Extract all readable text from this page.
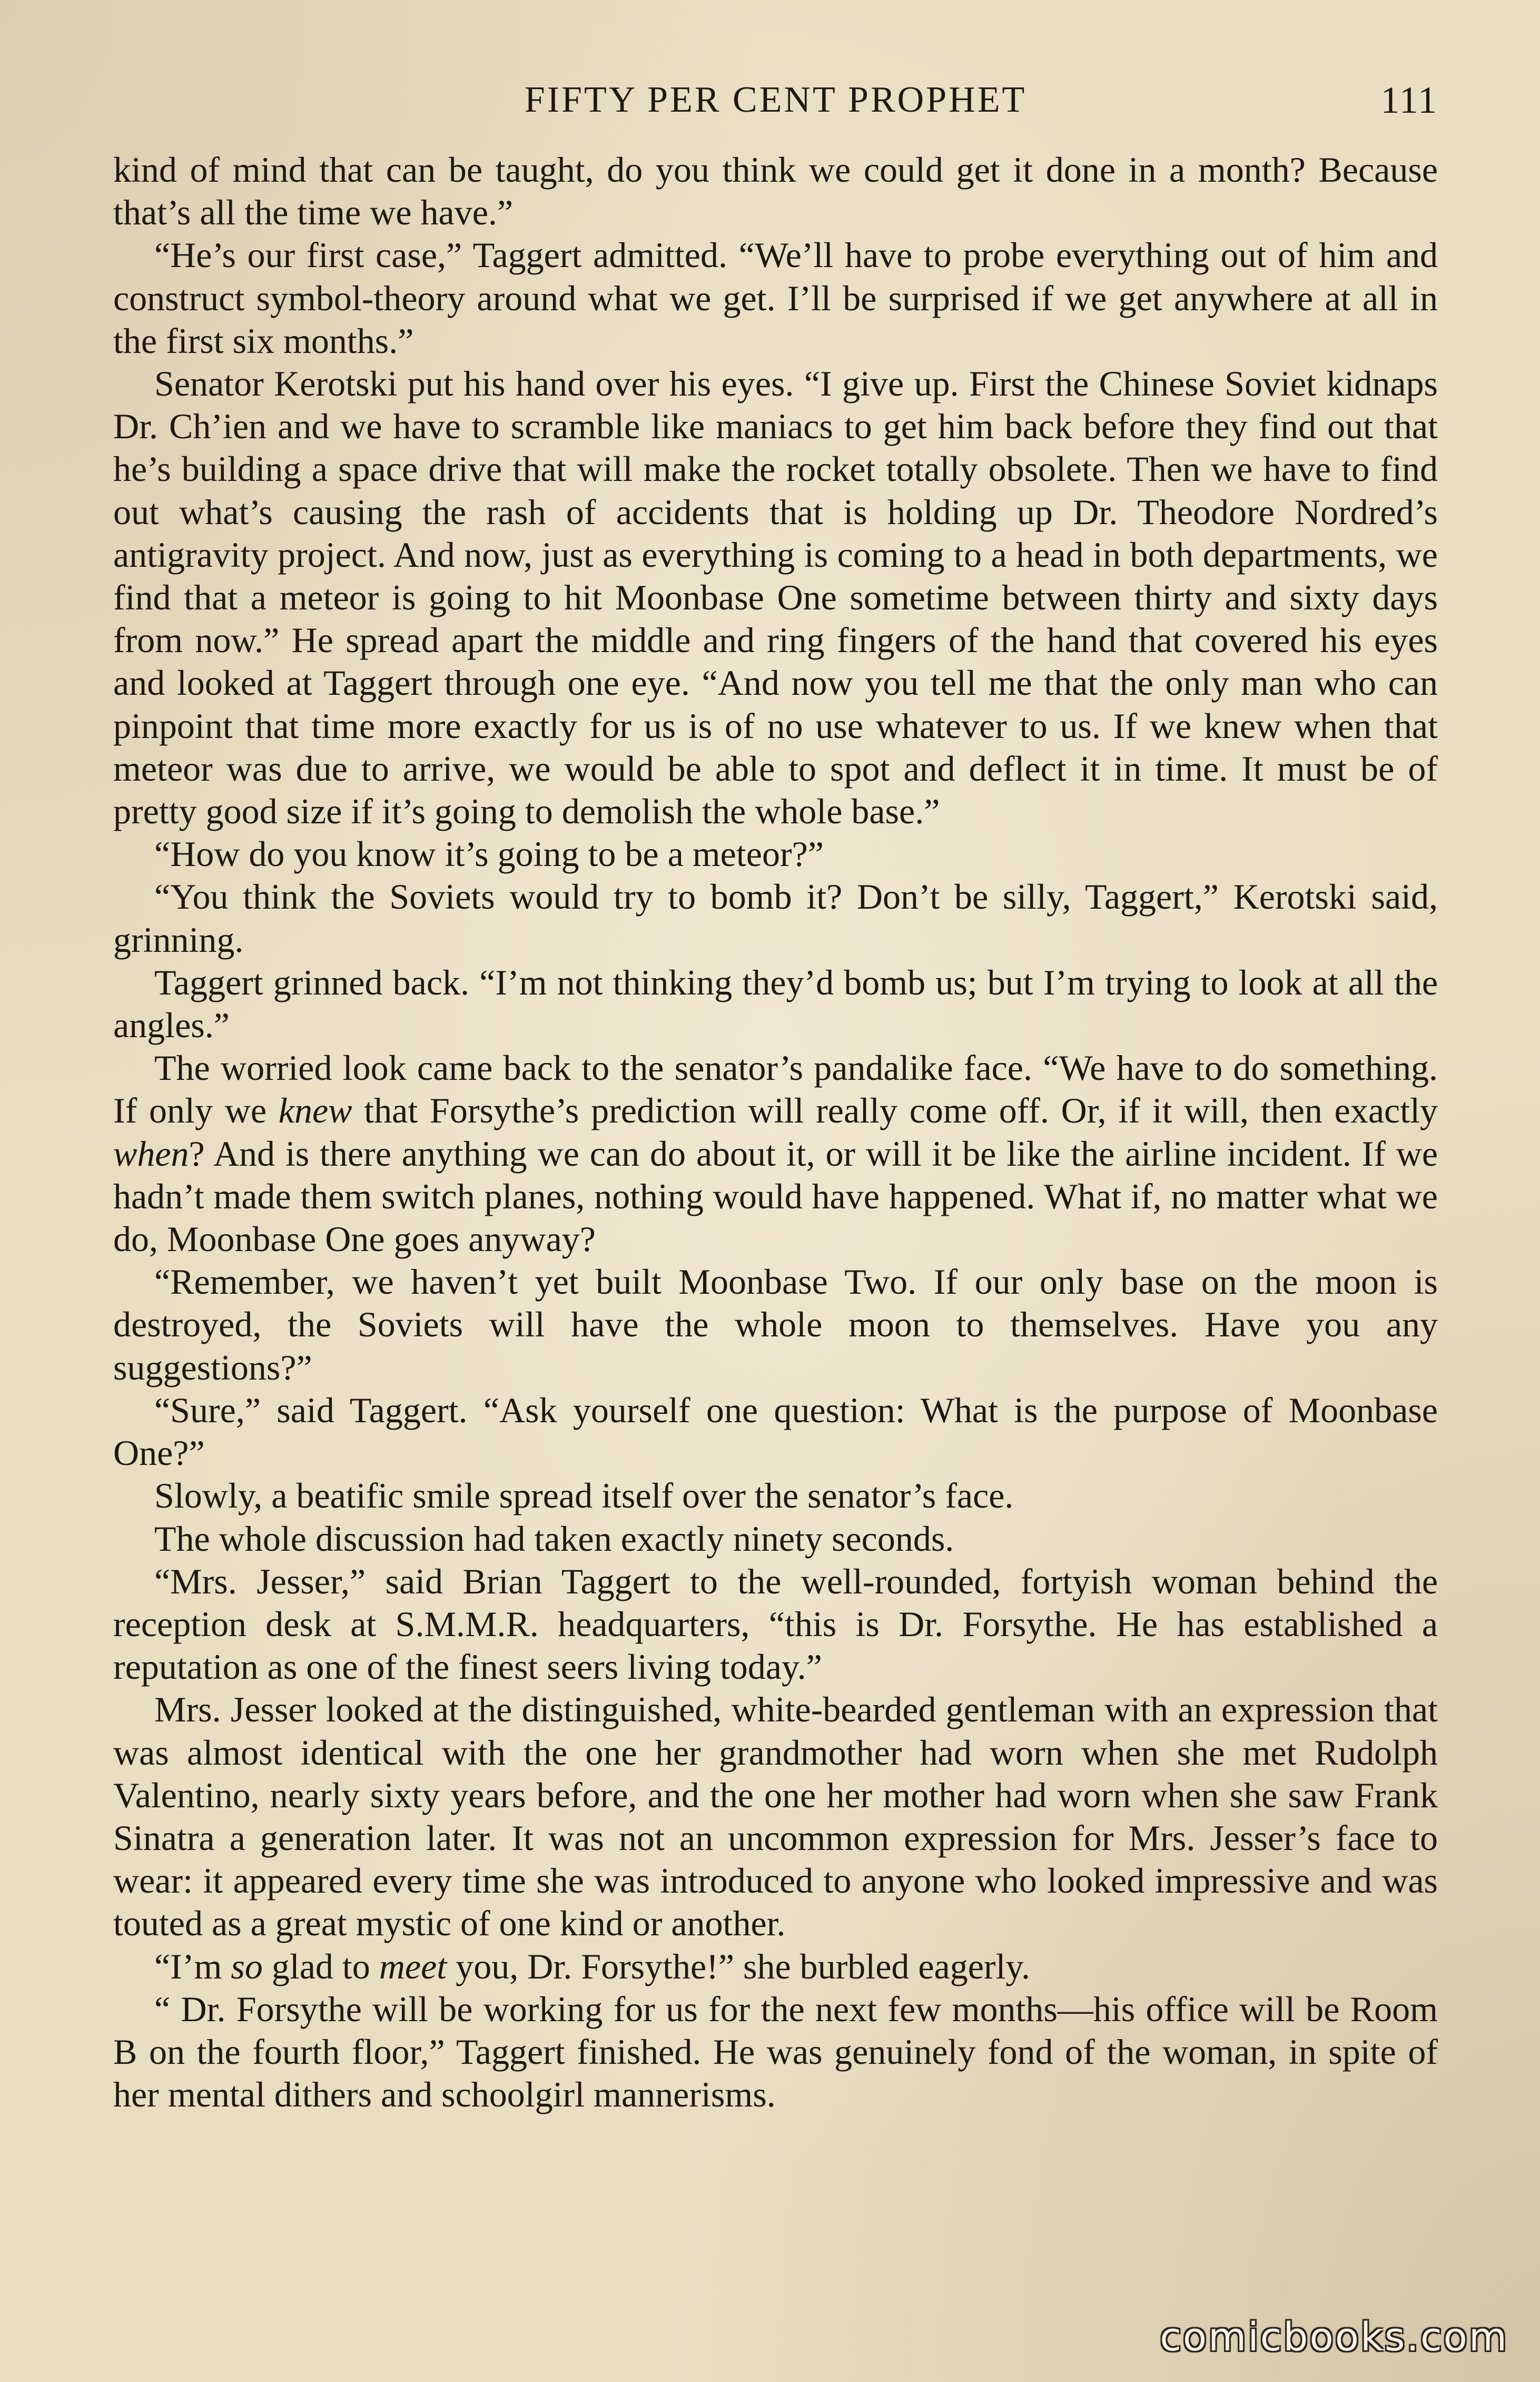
FIFTY PER CENT PROPHET	111

kind of mind that can be taught, do you think we could get it done in a month? Because that’s all the time we have.”

“He’s our first case,” Taggert admitted. “We’ll have to probe everything out of him and construct symbol-theory around what we get. I’ll be surprised if we get anywhere at all in the first six months.”

Senator Kerotski put his hand over his eyes. “I give up. First the Chinese Soviet kidnaps Dr. Ch’ien and we have to scramble like maniacs to get him back before they find out that he’s building a space drive that will make the rocket totally obsolete. Then we have to find out what’s causing the rash of accidents that is holding up Dr. Theodore Nordred’s antigravity project. And now, just as everything is coming to a head in both departments, we find that a meteor is going to hit Moonbase One sometime between thirty and sixty days from now.” He spread apart the middle and ring fingers of the hand that covered his eyes and looked at Taggert through one eye. “And now you tell me that the only man who can pinpoint that time more exactly for us is of no use whatever to us. If we knew when that meteor was due to arrive, we would be able to spot and deflect it in time. It must be of pretty good size if it’s going to demolish the whole base.”

“How do you know it’s going to be a meteor?”

“You think the Soviets would try to bomb it? Don’t be silly, Taggert,” Kerotski said, grinning.

Taggert grinned back. “I’m not thinking they’d bomb us; but I’m trying to look at all the angles.”

The worried look came back to the senator’s pandalike face. “We have to do something. If only we knew that Forsythe’s prediction will really come off. Or, if it will, then exactly when? And is there anything we can do about it, or will it be like the airline incident. If we hadn’t made them switch planes, nothing would have happened. What if, no matter what we do, Moonbase One goes anyway?

“Remember, we haven’t yet built Moonbase Two. If our only base on the moon is destroyed, the Soviets will have the whole moon to themselves. Have you any suggestions?”

“Sure,” said Taggert. “Ask yourself one question: What is the purpose of Moonbase One?”

Slowly, a beatific smile spread itself over the senator’s face.

The whole discussion had taken exactly ninety seconds.

“Mrs. Jesser,” said Brian Taggert to the well-rounded, fortyish woman behind the reception desk at S.M.M.R. headquarters, “this is Dr. Forsythe. He has established a reputation as one of the finest seers living today.”

Mrs. Jesser looked at the distinguished, white-bearded gentleman with an expression that was almost identical with the one her grandmother had worn when she met Rudolph Valentino, nearly sixty years before, and the one her mother had worn when she saw Frank Sinatra a generation later. It was not an uncommon expression for Mrs. Jesser’s face to wear: it appeared every time she was introduced to anyone who looked impressive and was touted as a great mystic of one kind or another.

“I’m so glad to meet you, Dr. Forsythe!” she burbled eagerly.

“ Dr. Forsythe will be working for us for the next few months—his office will be Room B on the fourth floor,” Taggert finished. He was genuinely fond of the woman, in spite of her mental dithers and schoolgirl mannerisms.

comicbooks.com
